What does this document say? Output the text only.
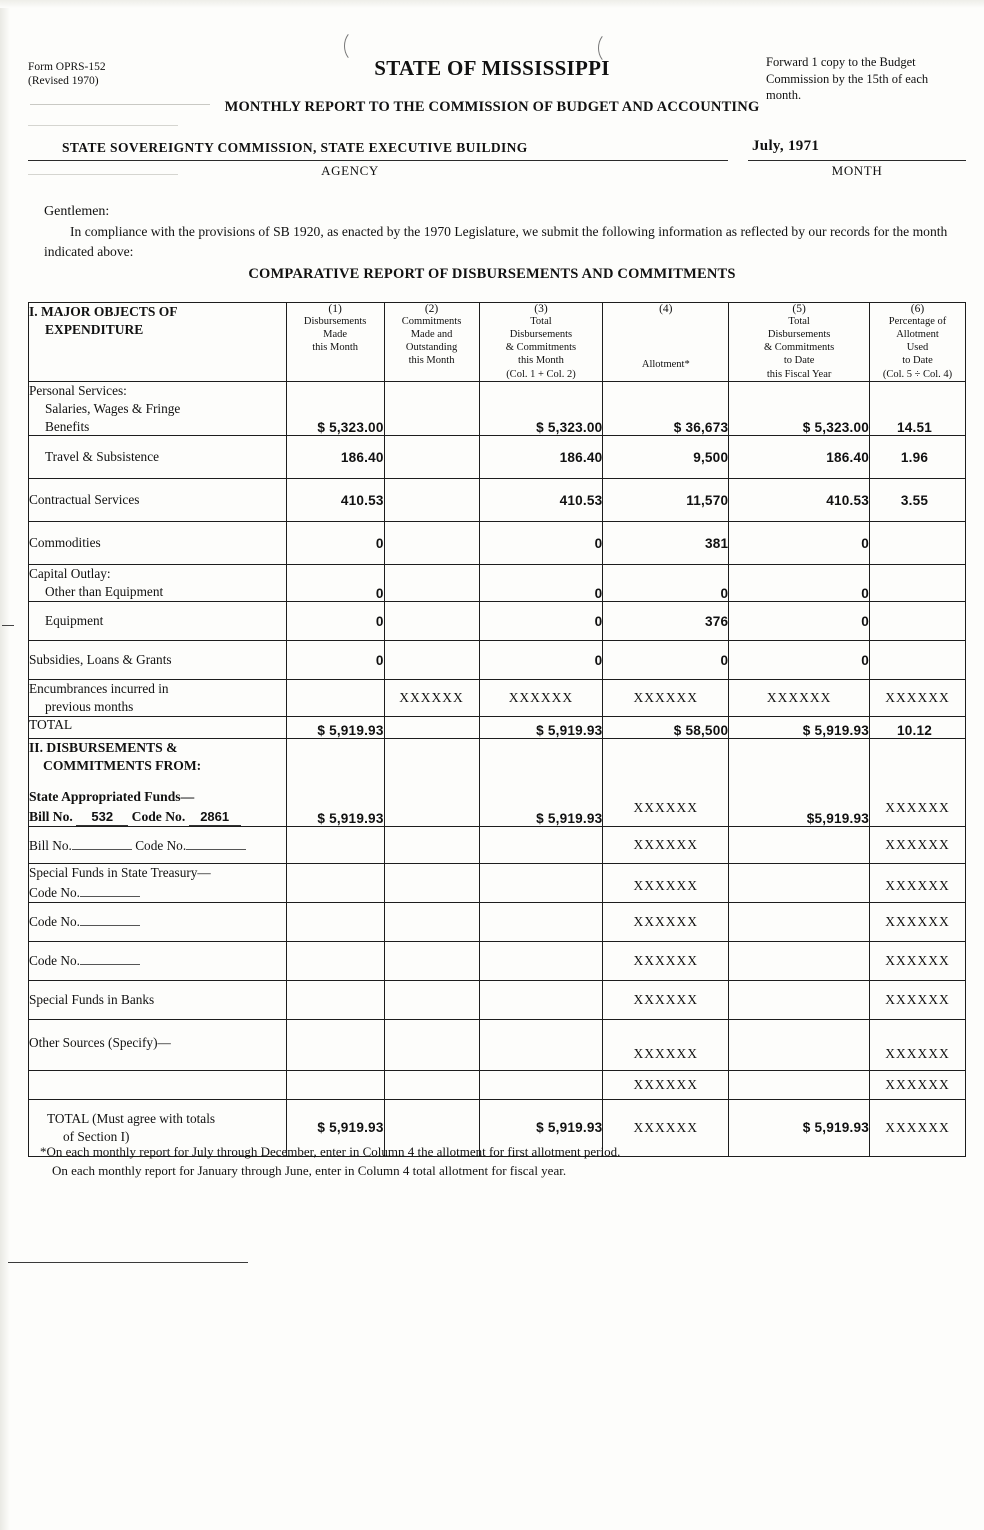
Form OPRS-152
(Revised 1970)
Forward 1 copy to the Budget Commission by the 15th of each month.
STATE OF MISSISSIPPI
MONTHLY REPORT TO THE COMMISSION OF BUDGET AND ACCOUNTING

STATE SOVEREIGNTY COMMISSION, STATE EXECUTIVE BUILDING
AGENCY
July, 1971
MONTH
Gentlemen:
In compliance with the provisions of SB 1920, as enacted by the 1970 Legislature, we submit the following information as reflected by our records for the month indicated above:
COMPARATIVE REPORT OF DISBURSEMENTS AND COMMITMENTS
I. MAJOR OBJECTS OF
EXPENDITURE	(1)	(2)	(3)	(4)	(5)	(6)

Disbursements
Made
this Month

Commitments
Made and
Outstanding
this Month

Total
Disbursements
& Commitments
this Month
(Col. 1 + Col. 2)

Allotment*

Total
Disbursements
& Commitments
to Date
this Fiscal Year

Percentage of
Allotment
Used
to Date
(Col. 5 ÷ Col. 4)

Personal Services:
Salaries, Wages & Fringe
Benefits	$ 5,323.00		$ 5,323.00	$ 36,673	$ 5,323.00	14.51

Travel & Subsistence	186.40		186.40	9,500	186.40	1.96

Contractual Services	410.53		410.53	11,570	410.53	3.55

Commodities	0		0	381	0	

Capital Outlay:
Other than Equipment	0		0	0	0	

Equipment	0		0	376	0	

Subsidies, Loans & Grants	0		0	0	0	

Encumbrances incurred in
previous months		XXXXXX	XXXXXX	XXXXXX	XXXXXX	XXXXXX
TOTAL	$ 5,919.93		$ 5,919.93	$ 58,500	$ 5,919.93	10.12

II. DISBURSEMENTS &
COMMITMENTS FROM:
State Appropriated Funds—
Bill No. 532 Code No. 2861	$ 5,919.93		$ 5,919.93	XXXXXX	$5,919.93	XXXXXX
Bill No. Code No.				XXXXXX		XXXXXX

Special Funds in State Treasury—
Code No.				XXXXXX		XXXXXX
Code No.				XXXXXX		XXXXXX
Code No.				XXXXXX		XXXXXX

Special Funds in Banks				XXXXXX		XXXXXX

Other Sources (Specify)—				XXXXXX		XXXXXX
				XXXXXX		XXXXXX

TOTAL (Must agree with totals
of Section I)	$ 5,919.93		$ 5,919.93	XXXXXX	$ 5,919.93	XXXXXX
*On each monthly report for July through December, enter in Column 4 the allotment for first allotment period.
On each monthly report for January through June, enter in Column 4 total allotment for fiscal year.
